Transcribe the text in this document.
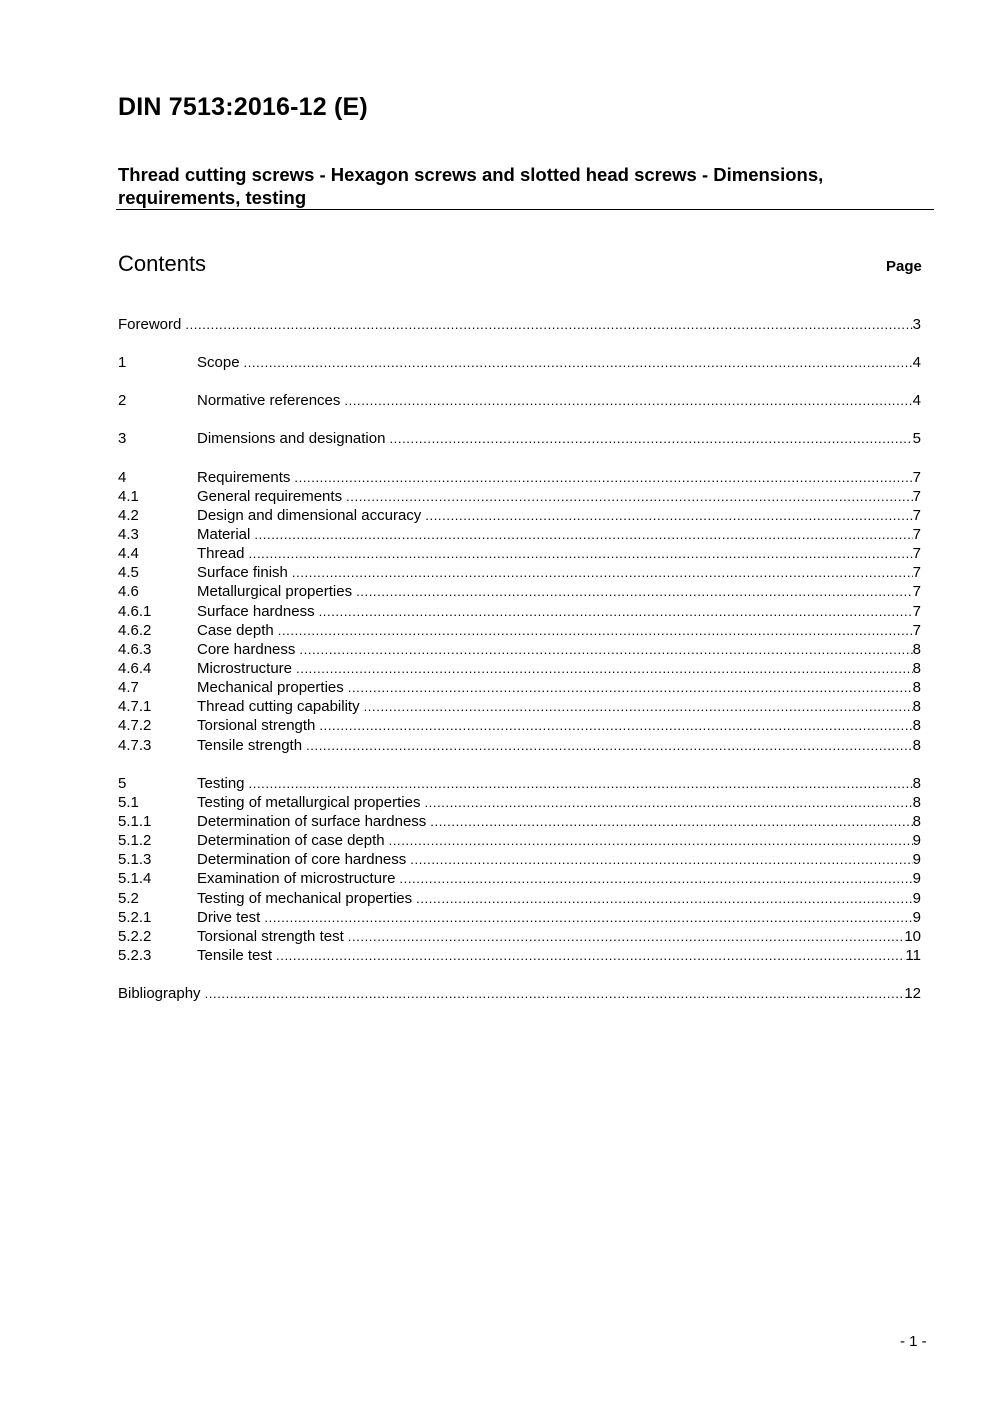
DIN 7513:2016-12 (E)
Thread cutting screws - Hexagon screws and slotted head screws - Dimensions, requirements, testing
Contents	Page
Foreword .....	3
1	Scope .....	4
2	Normative references .....	4
3	Dimensions and designation .....	5
4	Requirements .....	7
4.1	General requirements .....	7
4.2	Design and dimensional accuracy .....	7
4.3	Material .....	7
4.4	Thread .....	7
4.5	Surface finish .....	7
4.6	Metallurgical properties .....	7
4.6.1	Surface hardness .....	7
4.6.2	Case depth .....	7
4.6.3	Core hardness .....	8
4.6.4	Microstructure .....	8
4.7	Mechanical properties .....	8
4.7.1	Thread cutting capability .....	8
4.7.2	Torsional strength .....	8
4.7.3	Tensile strength .....	8
5	Testing .....	8
5.1	Testing of metallurgical properties .....	8
5.1.1	Determination of surface hardness .....	8
5.1.2	Determination of case depth .....	9
5.1.3	Determination of core hardness .....	9
5.1.4	Examination of microstructure .....	9
5.2	Testing of mechanical properties .....	9
5.2.1	Drive test .....	9
5.2.2	Torsional strength test .....	10
5.2.3	Tensile test .....	11
Bibliography .....	12
- 1 -
